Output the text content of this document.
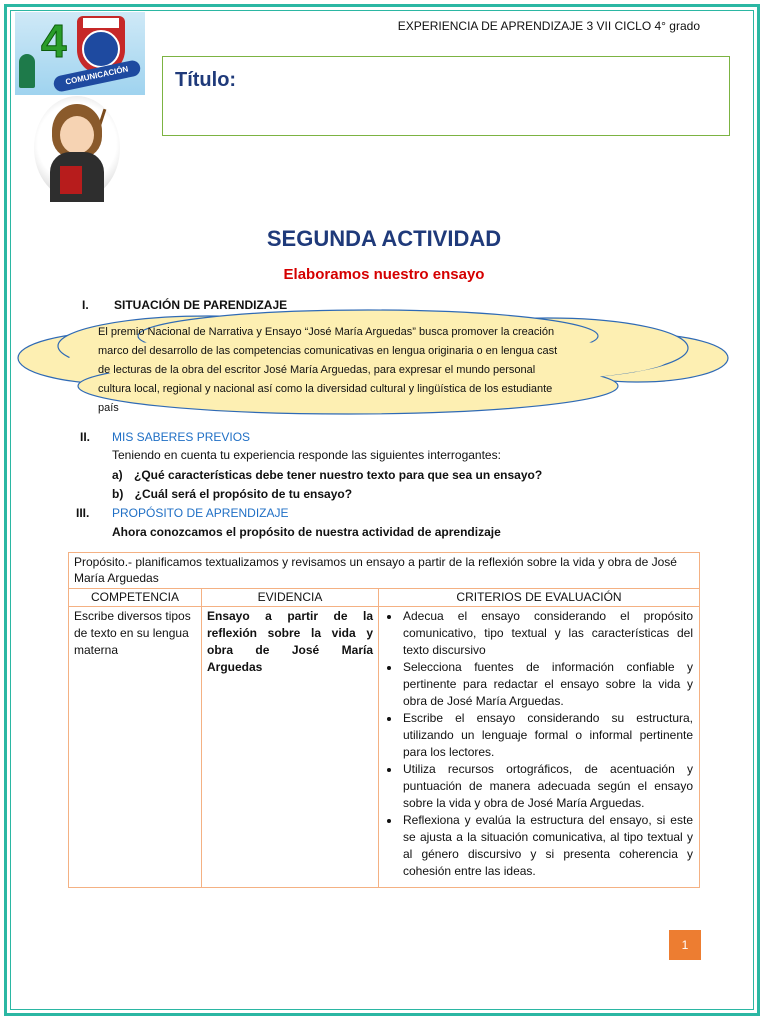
4
COMUNICACIÓN
EXPERIENCIA DE APRENDIZAJE 3 VII CICLO 4° grado
Título:
SEGUNDA ACTIVIDAD
Elaboramos nuestro ensayo
I. SITUACIÓN DE PARENDIZAJE
El premio Nacional de Narrativa y Ensayo “José María Arguedas” busca promover la creación
marco del desarrollo de las competencias comunicativas en lengua originaria o en lengua cast
de lecturas de la obra del escritor José María Arguedas, para expresar el mundo personal
cultura local, regional y nacional así como la diversidad cultural y lingüística de los estudiante
país
II. MIS SABERES PREVIOS
Teniendo en cuenta tu experiencia responde las siguientes interrogantes:
a) ¿Qué características debe tener nuestro texto para que sea un ensayo?
b) ¿Cuál será el propósito de tu ensayo?
III. PROPÓSITO DE APRENDIZAJE
Ahora conozcamos el propósito de nuestra actividad de aprendizaje
Propósito.- planificamos textualizamos y revisamos un ensayo a partir de la reflexión sobre la vida y obra de José María Arguedas
COMPETENCIA	EVIDENCIA	CRITERIOS DE EVALUACIÓN
Escribe diversos tipos de texto en su lengua materna
Ensayo a partir de la reflexión sobre la vida y obra de José María Arguedas
• Adecua el ensayo considerando el propósito comunicativo, tipo textual y las características del texto discursivo
• Selecciona fuentes de información confiable y pertinente para redactar el ensayo sobre la vida y obra de José María Arguedas.
• Escribe el ensayo considerando su estructura, utilizando un lenguaje formal o informal pertinente para los lectores.
• Utiliza recursos ortográficos, de acentuación y puntuación de manera adecuada según el ensayo sobre la vida y obra de José María Arguedas.
• Reflexiona y evalúa la estructura del ensayo, si este se ajusta a la situación comunicativa, al tipo textual y al género discursivo y si presenta coherencia y cohesión entre las ideas.
1
